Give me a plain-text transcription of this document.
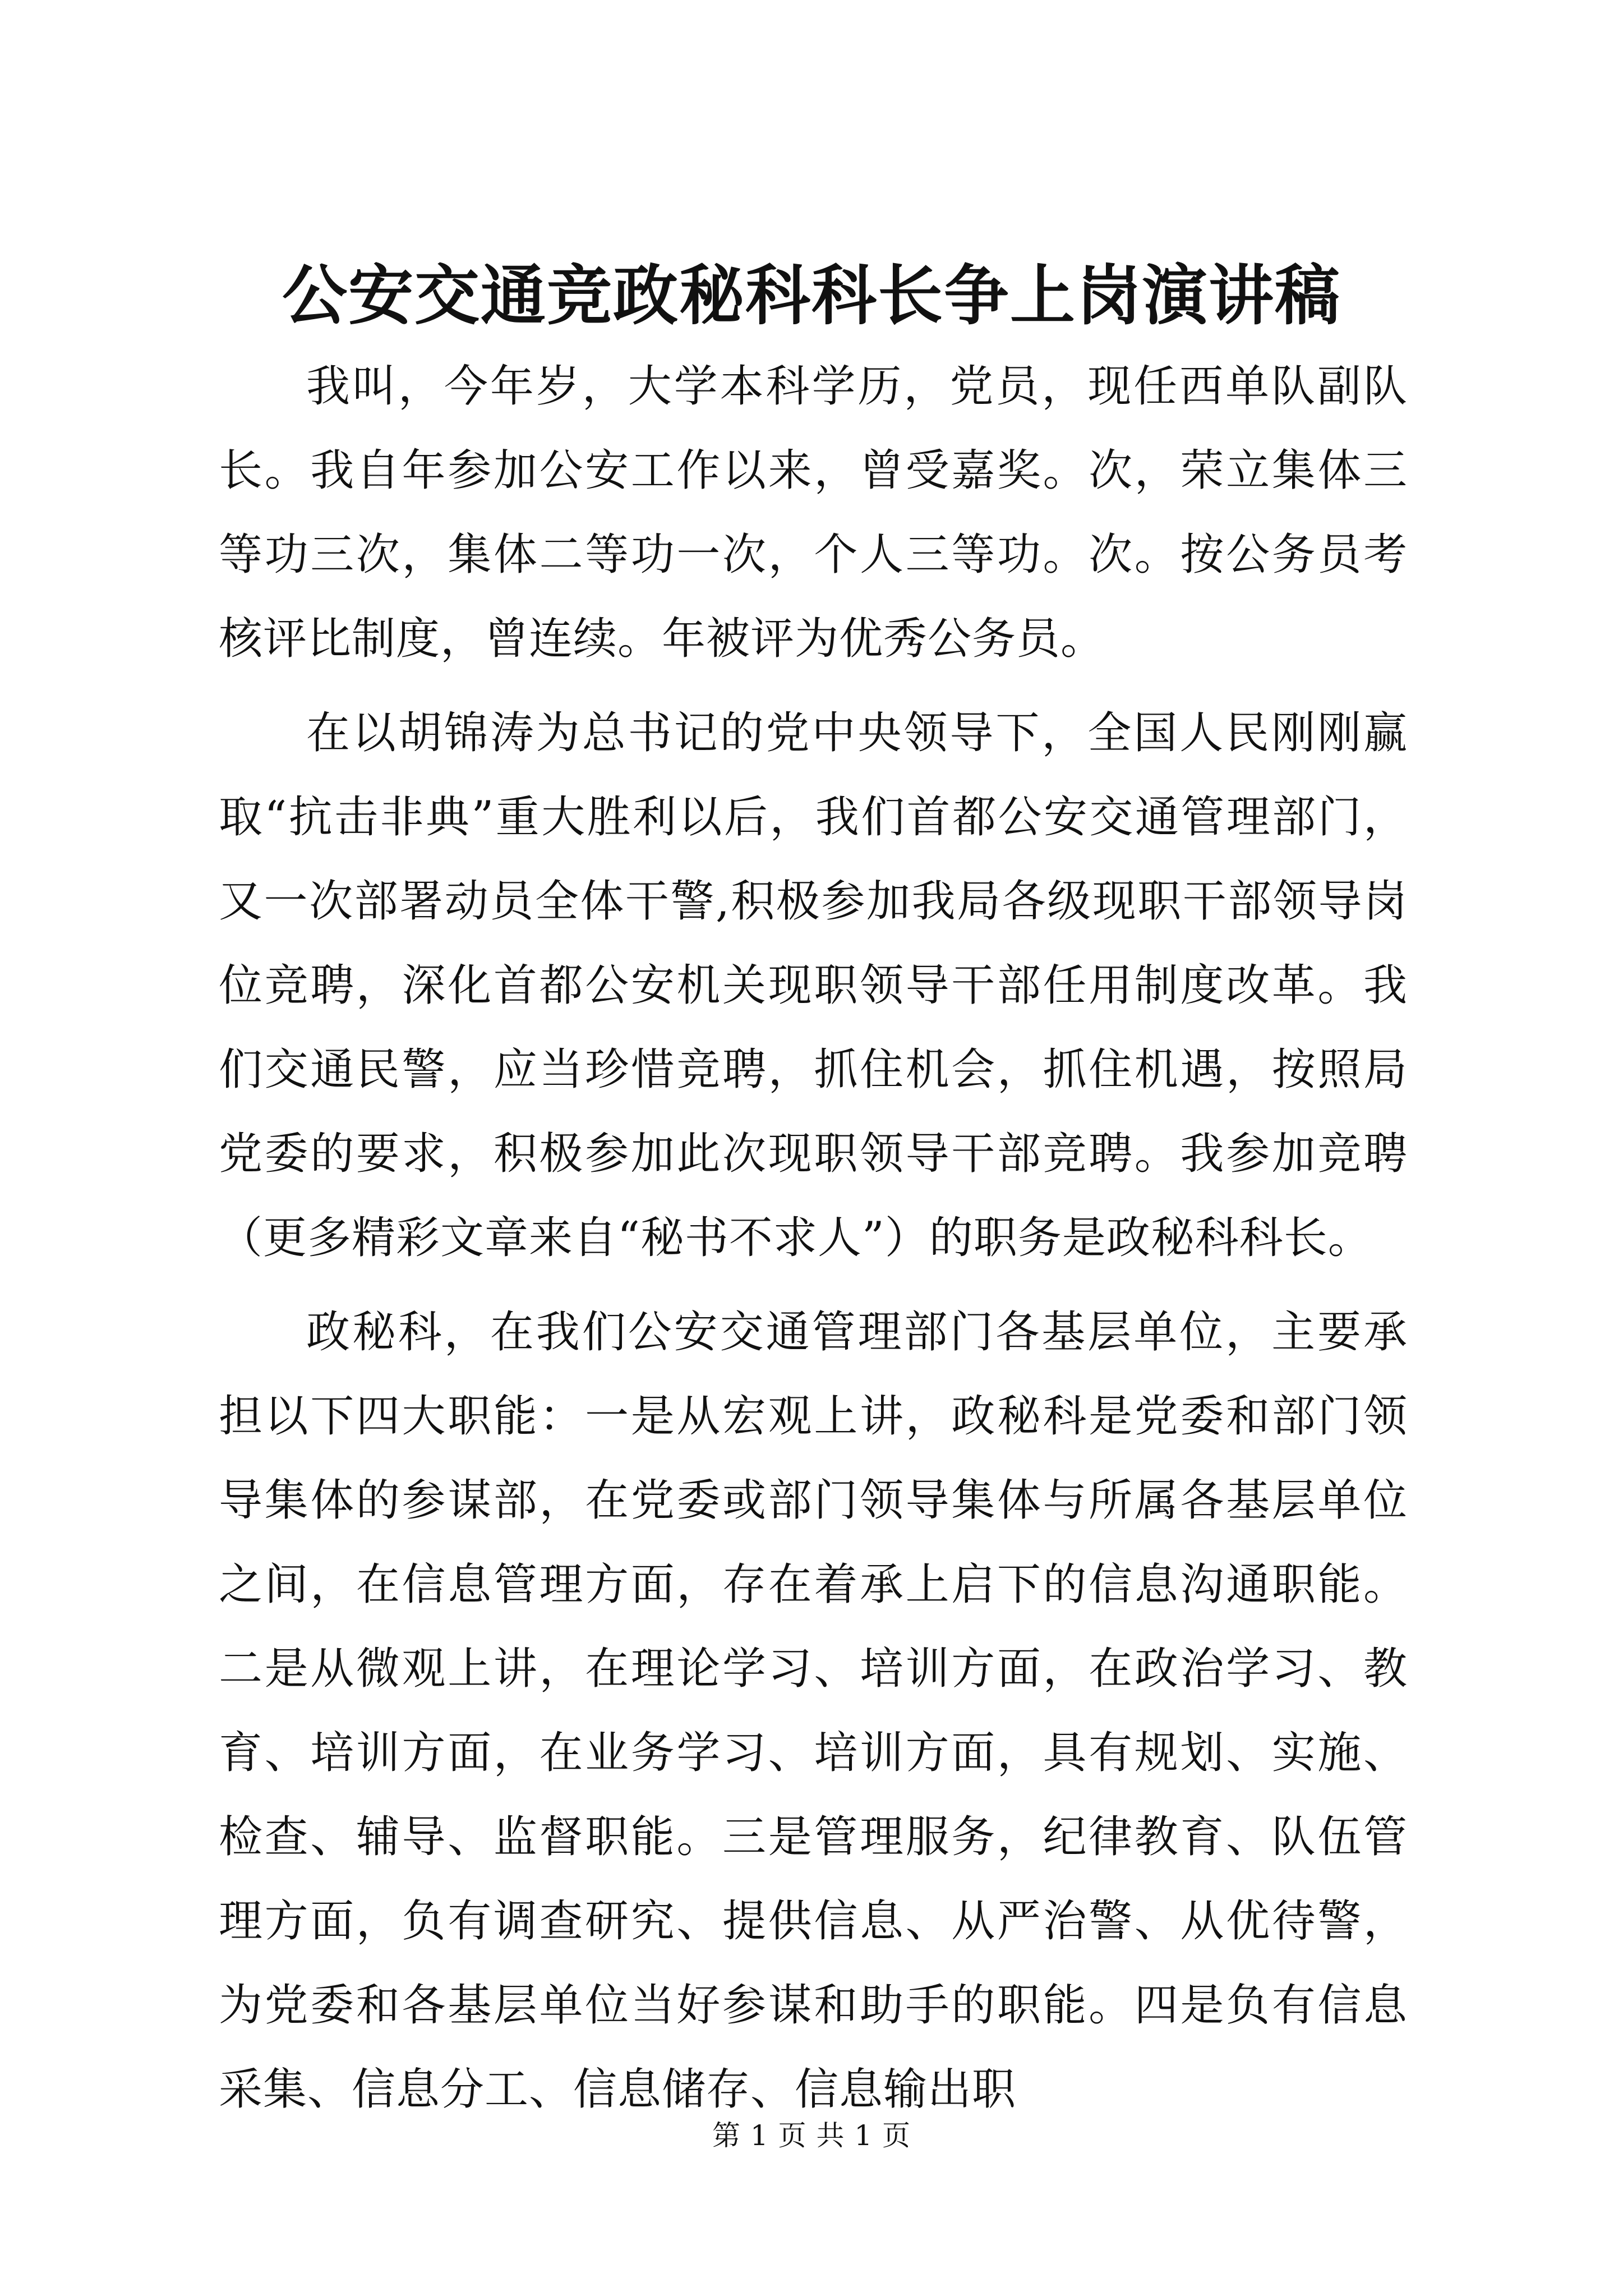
公安交通竞政秘科科长争上岗演讲稿

我叫，今年岁，大学本科学历，党员，现任西单队副队长。我自年参加公安工作以来，曾受嘉奖。次，荣立集体三等功三次，集体二等功一次，个人三等功。次。按公务员考核评比制度，曾连续。年被评为优秀公务员。

在以胡锦涛为总书记的党中央领导下，全国人民刚刚赢取“抗击非典”重大胜利以后，我们首都公安交通管理部门，又一次部署动员全体干警,积极参加我局各级现职干部领导岗位竞聘，深化首都公安机关现职领导干部任用制度改革。我们交通民警，应当珍惜竞聘，抓住机会，抓住机遇，按照局党委的要求，积极参加此次现职领导干部竞聘。我参加竞聘（更多精彩文章来自“秘书不求人”）的职务是政秘科科长。

政秘科，在我们公安交通管理部门各基层单位，主要承担以下四大职能：一是从宏观上讲，政秘科是党委和部门领导集体的参谋部，在党委或部门领导集体与所属各基层单位之间，在信息管理方面，存在着承上启下的信息沟通职能。二是从微观上讲，在理论学习、培训方面，在政治学习、教育、培训方面，在业务学习、培训方面，具有规划、实施、检查、辅导、监督职能。三是管理服务，纪律教育、队伍管理方面，负有调查研究、提供信息、从严治警、从优待警，为党委和各基层单位当好参谋和助手的职能。四是负有信息采集、信息分工、信息储存、信息输出职

第 1 页 共 1 页
